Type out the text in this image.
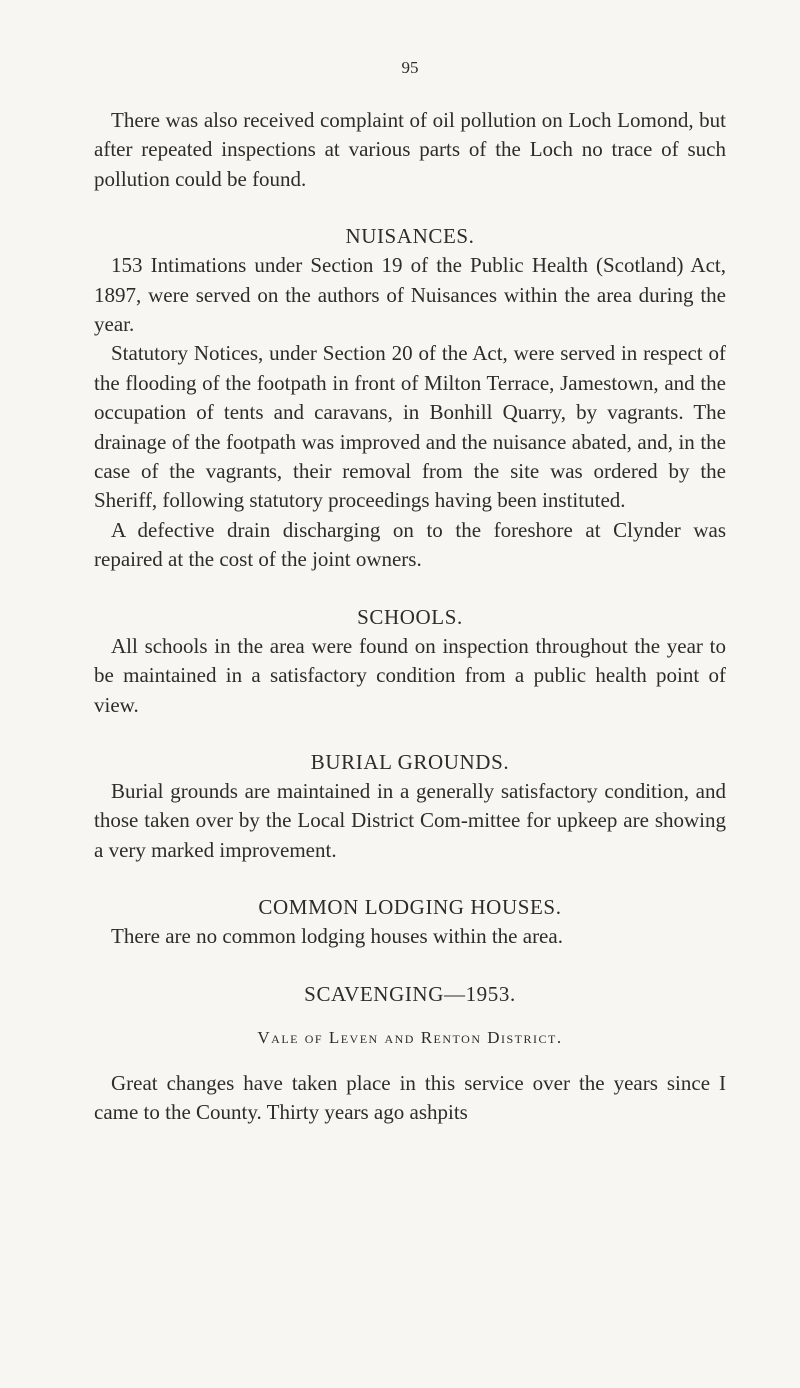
95

There was also received complaint of oil pollution on Loch Lomond, but after repeated inspections at various parts of the Loch no trace of such pollution could be found.

NUISANCES.

153 Intimations under Section 19 of the Public Health (Scotland) Act, 1897, were served on the authors of Nuisances within the area during the year.

Statutory Notices, under Section 20 of the Act, were served in respect of the flooding of the footpath in front of Milton Terrace, Jamestown, and the occupation of tents and caravans, in Bonhill Quarry, by vagrants. The drainage of the footpath was improved and the nuisance abated, and, in the case of the vagrants, their removal from the site was ordered by the Sheriff, following statutory proceedings having been instituted.

A defective drain discharging on to the foreshore at Clynder was repaired at the cost of the joint owners.

SCHOOLS.

All schools in the area were found on inspection throughout the year to be maintained in a satisfactory condition from a public health point of view.

BURIAL GROUNDS.

Burial grounds are maintained in a generally satisfactory condition, and those taken over by the Local District Com-mittee for upkeep are showing a very marked improvement.

COMMON LODGING HOUSES.

There are no common lodging houses within the area.

SCAVENGING—1953.
Vale of Leven and Renton District.

Great changes have taken place in this service over the years since I came to the County. Thirty years ago ashpits
